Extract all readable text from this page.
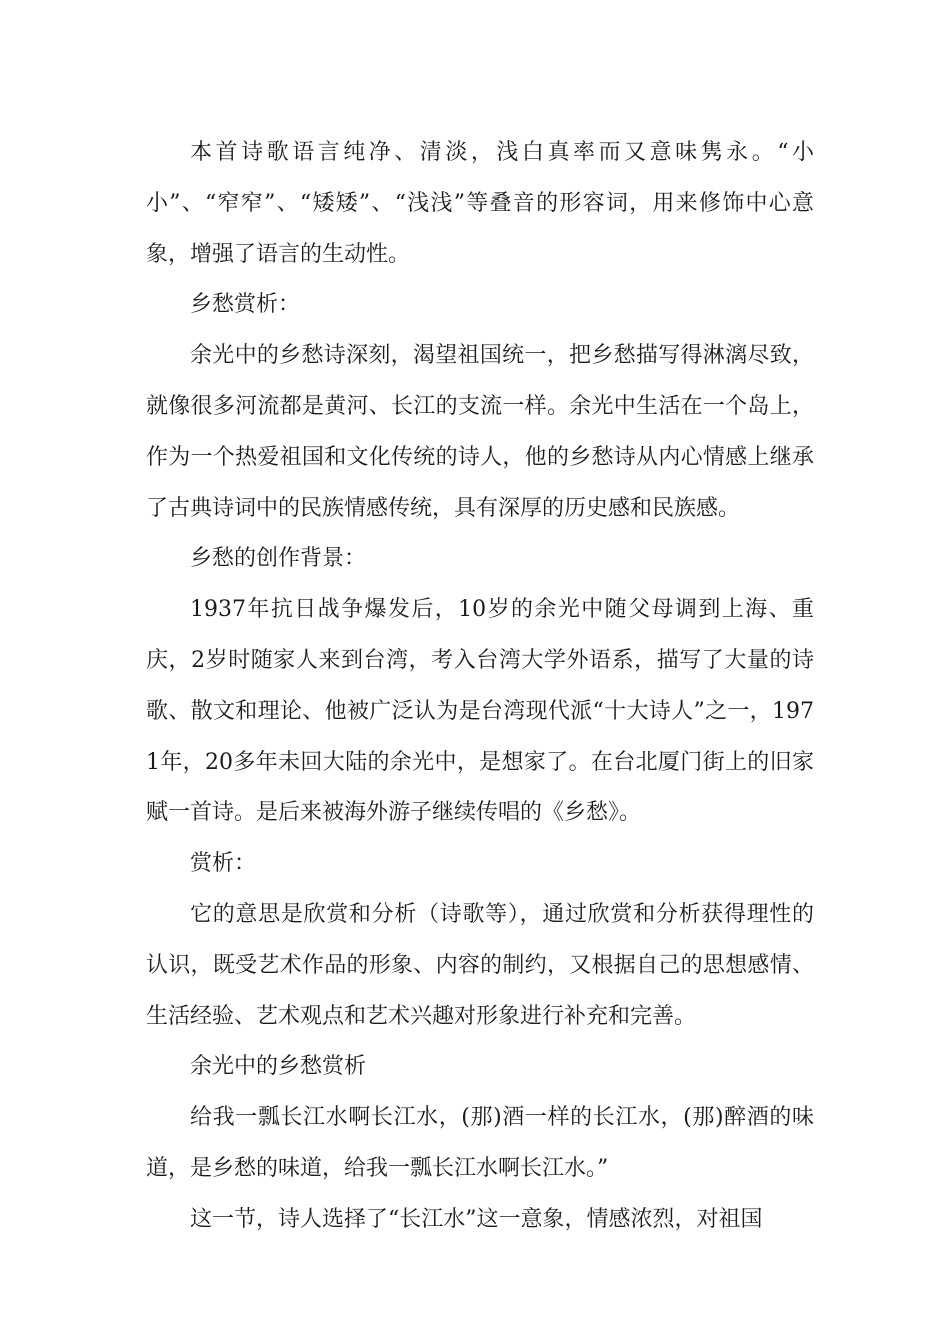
本首诗歌语言纯净、清淡，浅白真率而又意味隽永。“小小”、“窄窄”、“矮矮”、“浅浅”等叠音的形容词，用来修饰中心意象，增强了语言的生动性。

乡愁赏析：

余光中的乡愁诗深刻，渴望祖国统一，把乡愁描写得淋漓尽致，就像很多河流都是黄河、长江的支流一样。余光中生活在一个岛上，作为一个热爱祖国和文化传统的诗人，他的乡愁诗从内心情感上继承了古典诗词中的民族情感传统，具有深厚的历史感和民族感。

乡愁的创作背景：

1937年抗日战争爆发后，10岁的余光中随父母调到上海、重庆，2岁时随家人来到台湾，考入台湾大学外语系，描写了大量的诗歌、散文和理论、他被广泛认为是台湾现代派“十大诗人”之一，1971年，20多年未回大陆的余光中，是想家了。在台北厦门街上的旧家赋一首诗。是后来被海外游子继续传唱的《乡愁》。

赏析：

它的意思是欣赏和分析（诗歌等），通过欣赏和分析获得理性的认识，既受艺术作品的形象、内容的制约，又根据自己的思想感情、生活经验、艺术观点和艺术兴趣对形象进行补充和完善。

余光中的乡愁赏析

给我一瓢长江水啊长江水，(那)酒一样的长江水，(那)醉酒的味道，是乡愁的味道，给我一瓢长江水啊长江水。”

这一节，诗人选择了“长江水”这一意象，情感浓烈，对祖国
